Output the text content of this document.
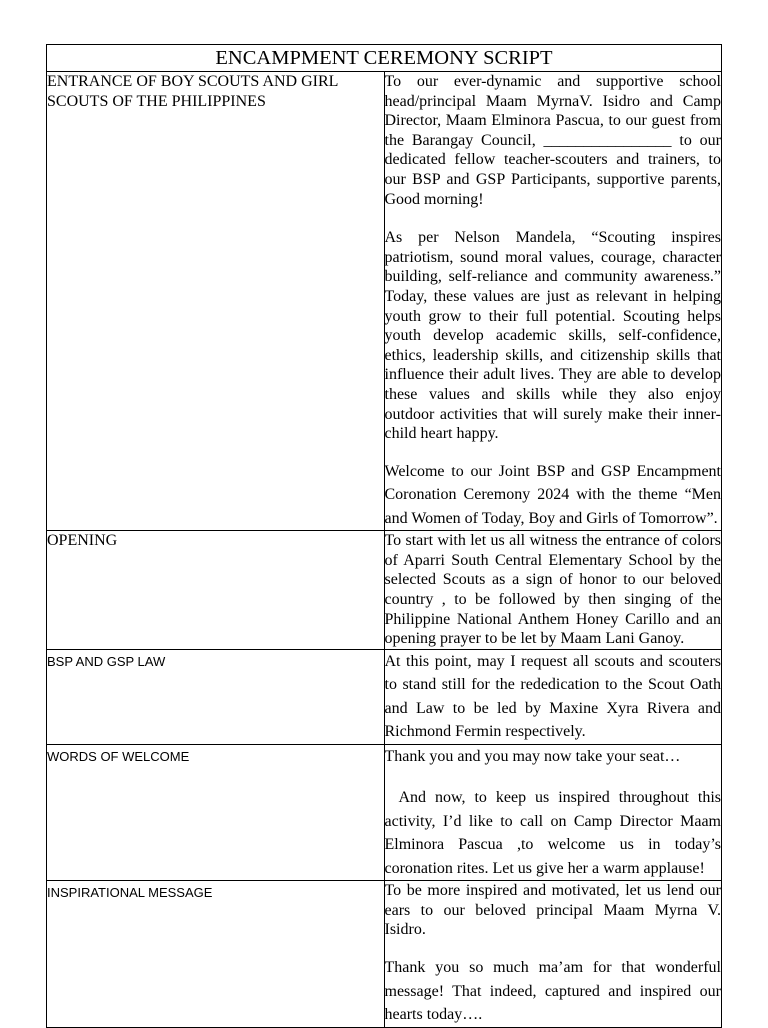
ENCAMPMENT CEREMONY SCRIPT	

ENTRANCE OF BOY SCOUTS AND GIRL SCOUTS OF THE PHILIPPINES	To our ever-dynamic and supportive school head/principal Maam MyrnaV. Isidro and Camp Director, Maam Elminora Pascua, to our guest from the Barangay Council, ________________ to our dedicated fellow teacher-scouters and trainers, to our BSP and GSP Participants, supportive parents, Good morning!

As per Nelson Mandela, “Scouting inspires patriotism, sound moral values, courage, character building, self-reliance and community awareness.” Today, these values are just as relevant in helping youth grow to their full potential. Scouting helps youth develop academic skills, self-confidence, ethics, leadership skills, and citizenship skills that influence their adult lives. They are able to develop these values and skills while they also enjoy outdoor activities that will surely make their inner-child heart happy.

Welcome to our Joint BSP and GSP Encampment Coronation Ceremony 2024 with the theme “Men and Women of Today, Boy and Girls of Tomorrow”.

OPENING	To start with let us all witness the entrance of colors of Aparri South Central Elementary School by the selected Scouts as a sign of honor to our beloved country , to be followed by then singing of the Philippine National Anthem Honey Carillo and an opening prayer to be let by Maam Lani Ganoy.

BSP AND GSP LAW	At this point, may I request all scouts and scouters to stand still for the rededication to the Scout Oath and Law to be led by Maxine Xyra Rivera and Richmond Fermin respectively.

WORDS OF WELCOME	Thank you and you may now take your seat…

And now, to keep us inspired throughout this activity, I’d like to call on Camp Director Maam Elminora Pascua ,to welcome us in today’s coronation rites. Let us give her a warm applause!

INSPIRATIONAL MESSAGE	To be more inspired and motivated, let us lend our ears to our beloved principal Maam Myrna V. Isidro.

Thank you so much ma’am for that wonderful message! That indeed, captured and inspired our hearts today….
